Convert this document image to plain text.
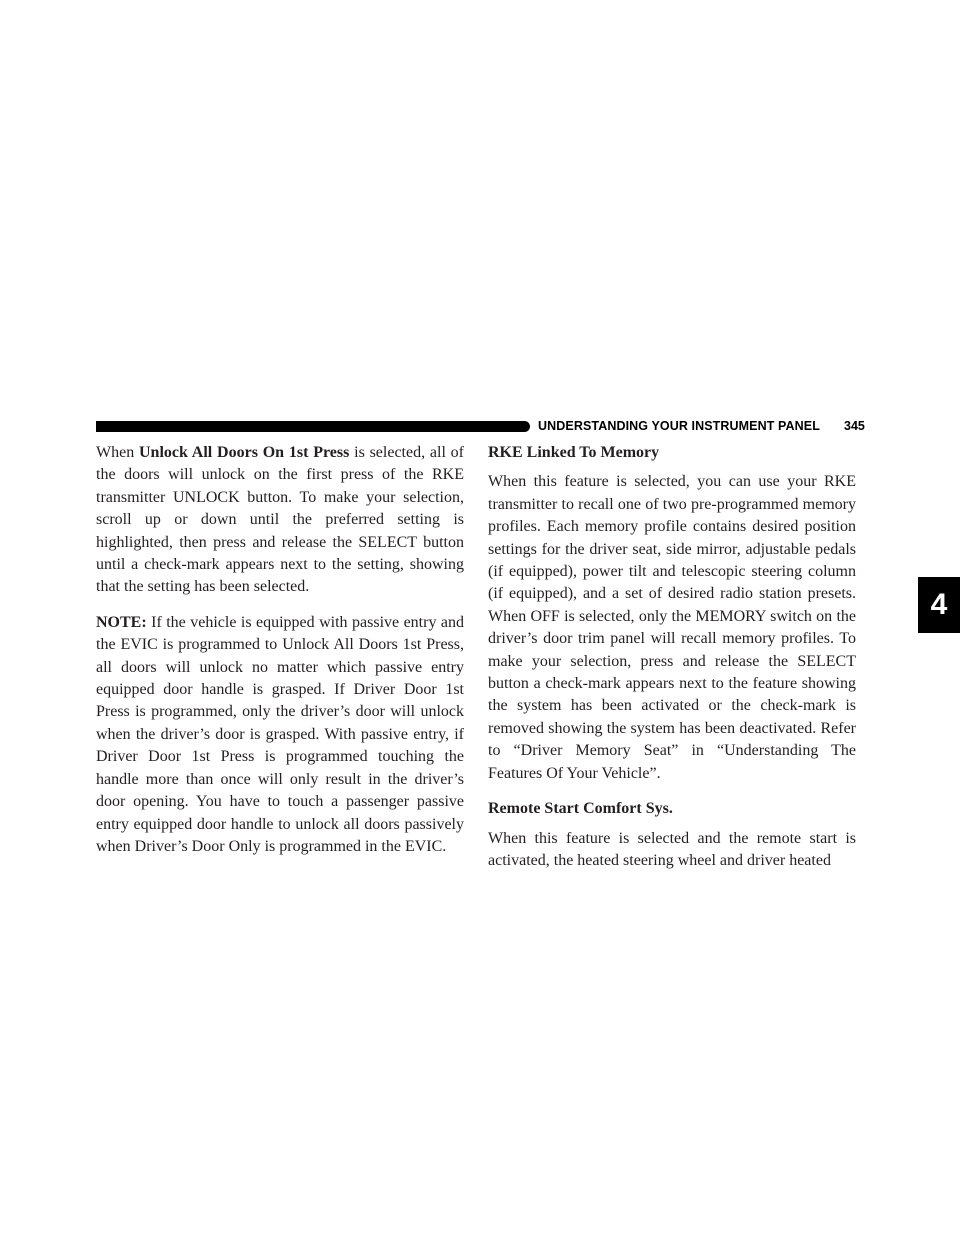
UNDERSTANDING YOUR INSTRUMENT PANEL 345
4

When Unlock All Doors On 1st Press is selected, all of the doors will unlock on the first press of the RKE transmitter UNLOCK button. To make your selection, scroll up or down until the preferred setting is highlighted, then press and release the SELECT button until a check-mark appears next to the setting, showing that the setting has been selected.

NOTE: If the vehicle is equipped with passive entry and the EVIC is programmed to Unlock All Doors 1st Press, all doors will unlock no matter which passive entry equipped door handle is grasped. If Driver Door 1st Press is programmed, only the driver’s door will unlock when the driver’s door is grasped. With passive entry, if Driver Door 1st Press is programmed touching the handle more than once will only result in the driver’s door opening. You have to touch a passenger passive entry equipped door handle to unlock all doors passively when Driver’s Door Only is programmed in the EVIC.

RKE Linked To Memory

When this feature is selected, you can use your RKE transmitter to recall one of two pre-programmed memory profiles. Each memory profile contains desired position settings for the driver seat, side mirror, adjustable pedals (if equipped), power tilt and telescopic steering column (if equipped), and a set of desired radio station presets. When OFF is selected, only the MEMORY switch on the driver’s door trim panel will recall memory profiles. To make your selection, press and release the SELECT button a check-mark appears next to the feature showing the system has been activated or the check-mark is removed showing the system has been deactivated. Refer to “Driver Memory Seat” in “Understanding The Features Of Your Vehicle”.

Remote Start Comfort Sys.

When this feature is selected and the remote start is activated, the heated steering wheel and driver heated
